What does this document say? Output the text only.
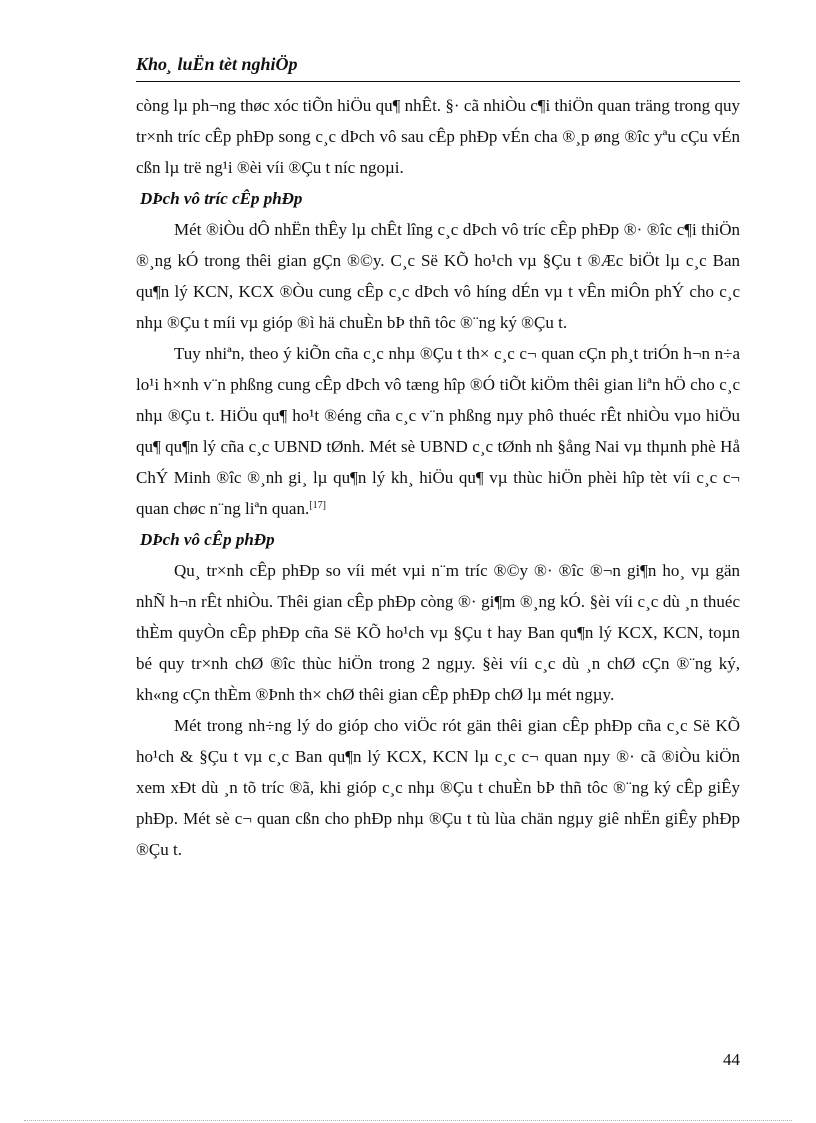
Kho¸ luËn tèt nghiÖp

còng lµ ph¬ng thøc xóc tiÕn hiÖu qu¶ nhÊt. §· cã nhiÒu c¶i thiÖn quan träng trong quy tr×nh tríc cÊp phÐp song c¸c dÞch vô sau cÊp phÐp vÉn cha ®¸p øng ®îc yªu cÇu vÉn cßn lµ trë ng¹i ®èi víi ®Çu t níc ngoµi.

DÞch vô tríc cÊp phÐp

Mét ®iÒu dÔ nhËn thÊy lµ chÊt lîng c¸c dÞch vô tríc cÊp phÐp ®· ®îc c¶i thiÖn ®¸ng kÓ trong thêi gian gÇn ®©y. C¸c Së KÕ ho¹ch vµ §Çu t ®Æc biÖt lµ c¸c Ban qu¶n lý KCN, KCX ®Òu cung cÊp c¸c dÞch vô híng dÉn vµ t vÊn miÔn phÝ cho c¸c nhµ ®Çu t míi vµ gióp ®ì hä chuÈn bÞ thñ tôc ®¨ng ký ®Çu t.

Tuy nhiªn, theo ý kiÕn cña c¸c nhµ ®Çu t th× c¸c c¬ quan cÇn ph¸t triÓn h¬n n÷a lo¹i h×nh v¨n phßng cung cÊp dÞch vô tæng hîp ®Ó tiÕt kiÖm thêi gian liªn hÖ cho c¸c nhµ ®Çu t. HiÖu qu¶ ho¹t ®éng cña c¸c v¨n phßng nµy phô thuéc rÊt nhiÒu vµo hiÖu qu¶ qu¶n lý cña c¸c UBND tØnh. Mét sè UBND c¸c tØnh nh §ång Nai vµ thµnh phè Hå ChÝ Minh ®îc ®¸nh gi¸ lµ qu¶n lý kh¸ hiÖu qu¶ vµ thùc hiÖn phèi hîp tèt víi c¸c c¬ quan chøc n¨ng liªn quan.[17]

DÞch vô cÊp phÐp

Qu¸ tr×nh cÊp phÐp so víi mét vµi n¨m tríc ®©y ®· ®îc ®¬n gi¶n ho¸ vµ gän nhÑ h¬n rÊt nhiÒu. Thêi gian cÊp phÐp còng ®· gi¶m ®¸ng kÓ. §èi víi c¸c dù ¸n thuéc thÈm quyÒn cÊp phÐp cña Së KÕ ho¹ch vµ §Çu t hay Ban qu¶n lý KCX, KCN, toµn bé quy tr×nh chØ ®îc thùc hiÖn trong 2 ngµy. §èi víi c¸c dù ¸n chØ cÇn ®¨ng ký, kh«ng cÇn thÈm ®Þnh th× chØ thêi gian cÊp phÐp chØ lµ mét ngµy.

Mét trong nh÷ng lý do gióp cho viÖc rót gän thêi gian cÊp phÐp cña c¸c Së KÕ ho¹ch & §Çu t vµ c¸c Ban qu¶n lý KCX, KCN lµ c¸c c¬ quan nµy ®· cã ®iÒu kiÖn xem xÐt dù ¸n tõ tríc ®ã, khi gióp c¸c nhµ ®Çu t chuÈn bÞ thñ tôc ®¨ng ký cÊp giÊy phÐp. Mét sè c¬ quan cßn cho phÐp nhµ ®Çu t tù lùa chän ngµy giê nhËn giÊy phÐp ®Çu t.

44
